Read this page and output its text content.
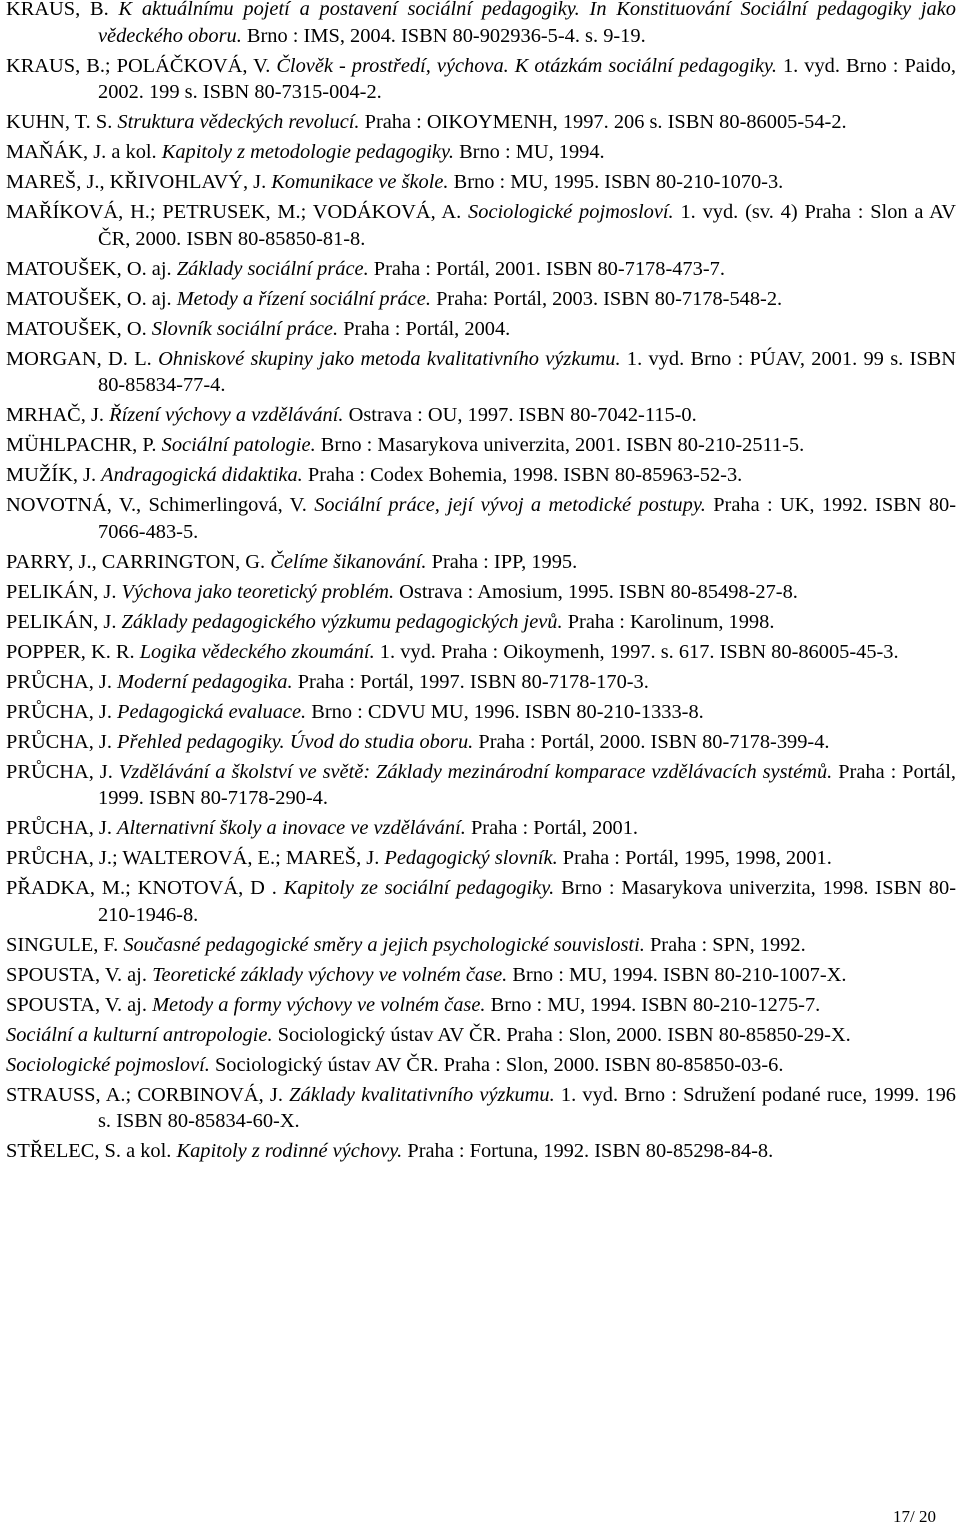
KRAUS, B. K aktuálnímu pojetí a postavení sociální pedagogiky. In Konstituování Sociální pedagogiky jako vědeckého oboru. Brno : IMS, 2004. ISBN 80-902936-5-4. s. 9-19.
KRAUS, B.; POLÁČKOVÁ, V. Člověk - prostředí, výchova. K otázkám sociální pedagogiky. 1. vyd. Brno : Paido, 2002. 199 s. ISBN 80-7315-004-2.
KUHN, T. S. Struktura vědeckých revolucí. Praha : OIKOYMENH, 1997. 206 s. ISBN 80-86005-54-2.
MAŇÁK, J. a kol. Kapitoly z metodologie pedagogiky. Brno : MU, 1994.
MAREŠ, J., KŘIVOHLAVÝ, J. Komunikace ve škole. Brno : MU, 1995. ISBN 80-210-1070-3.
MAŘÍKOVÁ, H.; PETRUSEK, M.; VODÁKOVÁ, A. Sociologické pojmosloví. 1. vyd. (sv. 4) Praha : Slon a AV ČR, 2000. ISBN 80-85850-81-8.
MATOUŠEK, O. aj. Základy sociální práce. Praha : Portál, 2001. ISBN 80-7178-473-7.
MATOUŠEK, O. aj. Metody a řízení sociální práce. Praha: Portál, 2003. ISBN 80-7178-548-2.
MATOUŠEK, O. Slovník sociální práce. Praha : Portál, 2004.
MORGAN, D. L. Ohniskové skupiny jako metoda kvalitativního výzkumu. 1. vyd. Brno : PÚAV, 2001. 99 s. ISBN 80-85834-77-4.
MRHAČ, J. Řízení výchovy a vzdělávání. Ostrava : OU, 1997. ISBN 80-7042-115-0.
MÜHLPACHR, P. Sociální patologie. Brno : Masarykova univerzita, 2001. ISBN 80-210-2511-5.
MUŽÍK, J. Andragogická didaktika. Praha : Codex Bohemia, 1998. ISBN 80-85963-52-3.
NOVOTNÁ, V., Schimerlingová, V. Sociální práce, její vývoj a metodické postupy. Praha : UK, 1992. ISBN 80-7066-483-5.
PARRY, J., CARRINGTON, G. Čelíme šikanování. Praha : IPP, 1995.
PELIKÁN, J. Výchova jako teoretický problém. Ostrava : Amosium, 1995. ISBN 80-85498-27-8.
PELIKÁN, J. Základy pedagogického výzkumu pedagogických jevů. Praha : Karolinum, 1998.
POPPER, K. R. Logika vědeckého zkoumání. 1. vyd. Praha : Oikoymenh, 1997. s. 617. ISBN 80-86005-45-3.
PRŮCHA, J. Moderní pedagogika. Praha : Portál, 1997. ISBN 80-7178-170-3.
PRŮCHA, J. Pedagogická evaluace. Brno : CDVU MU, 1996. ISBN 80-210-1333-8.
PRŮCHA, J. Přehled pedagogiky. Úvod do studia oboru. Praha : Portál, 2000. ISBN 80-7178-399-4.
PRŮCHA, J. Vzdělávání a školství ve světě: Základy mezinárodní komparace vzdělávacích systémů. Praha : Portál, 1999. ISBN 80-7178-290-4.
PRŮCHA, J. Alternativní školy a inovace ve vzdělávání. Praha : Portál, 2001.
PRŮCHA, J.; WALTEROVÁ, E.; MAREŠ, J. Pedagogický slovník. Praha : Portál, 1995, 1998, 2001.
PŘADKA, M.; KNOTOVÁ, D . Kapitoly ze sociální pedagogiky. Brno : Masarykova univerzita, 1998. ISBN 80-210-1946-8.
SINGULE, F. Současné pedagogické směry a jejich psychologické souvislosti. Praha : SPN, 1992.
SPOUSTA, V. aj. Teoretické základy výchovy ve volném čase. Brno : MU, 1994. ISBN 80-210-1007-X.
SPOUSTA, V. aj. Metody a formy výchovy ve volném čase. Brno : MU, 1994. ISBN 80-210-1275-7.
Sociální a kulturní antropologie. Sociologický ústav AV ČR. Praha : Slon, 2000. ISBN 80-85850-29-X.
Sociologické pojmosloví. Sociologický ústav AV ČR. Praha : Slon, 2000. ISBN 80-85850-03-6.
STRAUSS, A.; CORBINOVÁ, J. Základy kvalitativního výzkumu. 1. vyd. Brno : Sdružení podané ruce, 1999. 196 s. ISBN 80-85834-60-X.
STŘELEC, S. a kol. Kapitoly z rodinné výchovy. Praha : Fortuna, 1992. ISBN 80-85298-84-8.
17/ 20
